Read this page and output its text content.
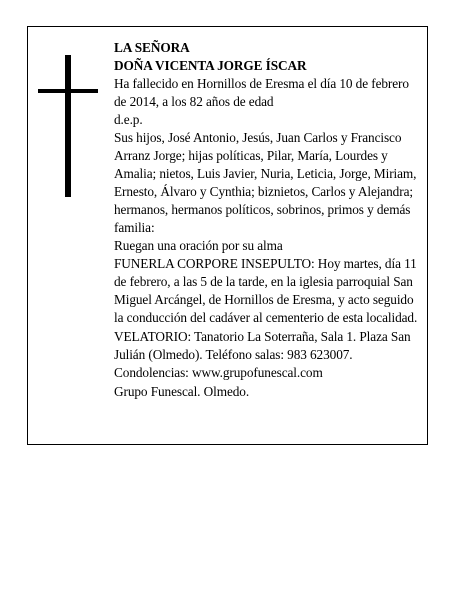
LA SEÑORA

DOÑA VICENTA JORGE ÍSCAR

Ha fallecido en Hornillos de Eresma el día 10 de febrero de 2014, a los 82 años de edad

d.e.p.

Sus hijos, José Antonio, Jesús, Juan Carlos y Francisco Arranz Jorge; hijas políticas, Pilar, María, Lourdes y Amalia; nietos, Luis Javier, Nuria, Leticia, Jorge, Miriam, Ernesto, Álvaro y Cynthia; biznietos, Carlos y Alejandra; hermanos, hermanos políticos, sobrinos, primos y demás familia:

Ruegan una oración por su alma

FUNERLA CORPORE INSEPULTO: Hoy martes, día 11 de febrero, a las 5 de la tarde, en la iglesia parroquial San Miguel Arcángel, de Hornillos de Eresma, y acto seguido la conducción del cadáver al cementerio de esta localidad.

VELATORIO: Tanatorio La Soterraña, Sala 1. Plaza San Julián (Olmedo). Teléfono salas: 983 623007.

Condolencias: www.grupofunescal.com

Grupo Funescal. Olmedo.
